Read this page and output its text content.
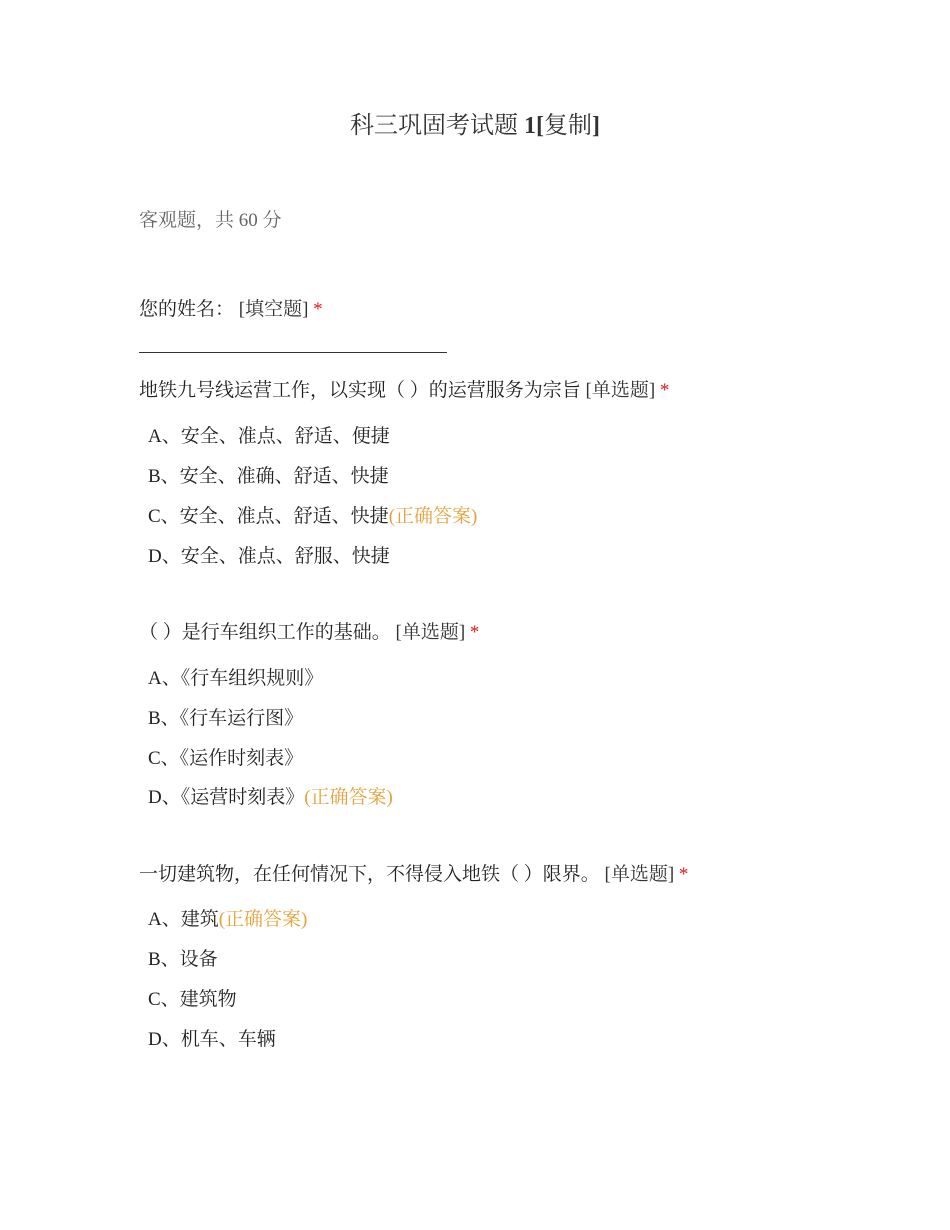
科三巩固考试题 1[复制]
客观题，共 60 分
您的姓名： [填空题] *
地铁九号线运营工作，以实现（ ）的运营服务为宗旨 [单选题] *
A、安全、准点、舒适、便捷
B、安全、准确、舒适、快捷
C、安全、准点、舒适、快捷(正确答案)
D、安全、准点、舒服、快捷
（ ）是行车组织工作的基础。 [单选题] *
A、《行车组织规则》
B、《行车运行图》
C、《运作时刻表》
D、《运营时刻表》(正确答案)
一切建筑物，在任何情况下，不得侵入地铁（ ）限界。 [单选题] *
A、建筑(正确答案)
B、设备
C、建筑物
D、机车、车辆
